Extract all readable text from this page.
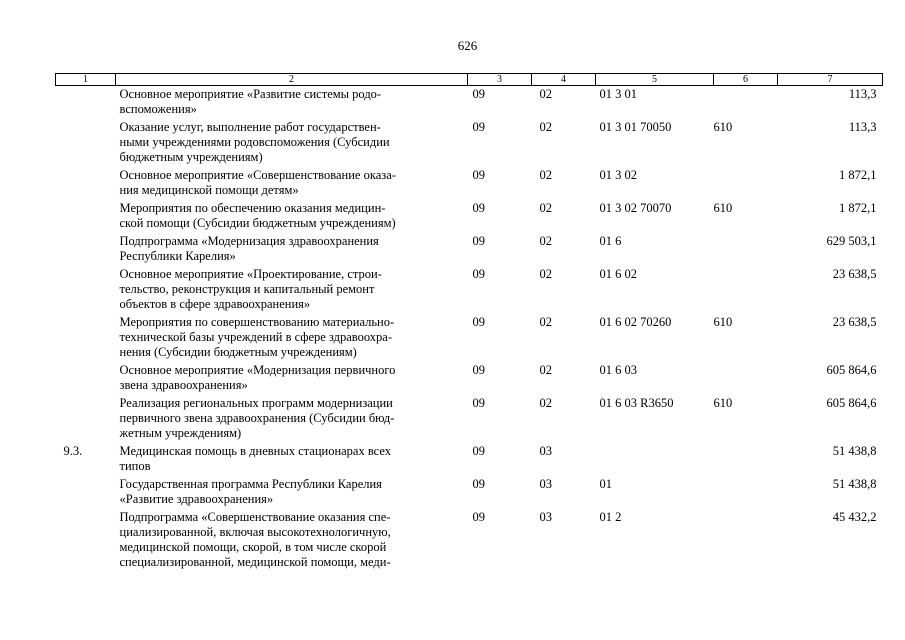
626
1	2	3	4	5	6	7

	Основное мероприятие «Развитие системы родо-
вспоможения»	09	02	01 3 01		113,3

	Оказание услуг, выполнение работ государствен-
ными учреждениями родовспоможения (Субсидии
бюджетным учреждениям)	09	02	01 3 01 70050	610	113,3

	Основное мероприятие «Совершенствование оказа-
ния медицинской помощи детям»	09	02	01 3 02		1 872,1

	Мероприятия по обеспечению оказания медицин-
ской помощи (Субсидии бюджетным учреждениям)	09	02	01 3 02 70070	610	1 872,1

	Подпрограмма «Модернизация здравоохранения
Республики Карелия»	09	02	01 6		629 503,1

	Основное мероприятие «Проектирование, строи-
тельство, реконструкция и капитальный ремонт
объектов в сфере здравоохранения»	09	02	01 6 02		23 638,5

	Мероприятия по совершенствованию материально-
технической базы учреждений в сфере здравоохра-
нения (Субсидии бюджетным учреждениям)	09	02	01 6 02 70260	610	23 638,5

	Основное мероприятие «Модернизация первичного
звена здравоохранения»	09	02	01 6 03		605 864,6

	Реализация региональных программ модернизации
первичного звена здравоохранения (Субсидии бюд-
жетным учреждениям)	09	02	01 6 03 R3650	610	605 864,6
9.3.	Медицинская помощь в дневных стационарах всех
типов	09	03			51 438,8

	Государственная программа Республики Карелия
«Развитие здравоохранения»	09	03	01		51 438,8

	Подпрограмма «Совершенствование оказания спе-
циализированной, включая высокотехнологичную,
медицинской помощи, скорой, в том числе скорой
специализированной, медицинской помощи, меди-	09	03	01 2		45 432,2
